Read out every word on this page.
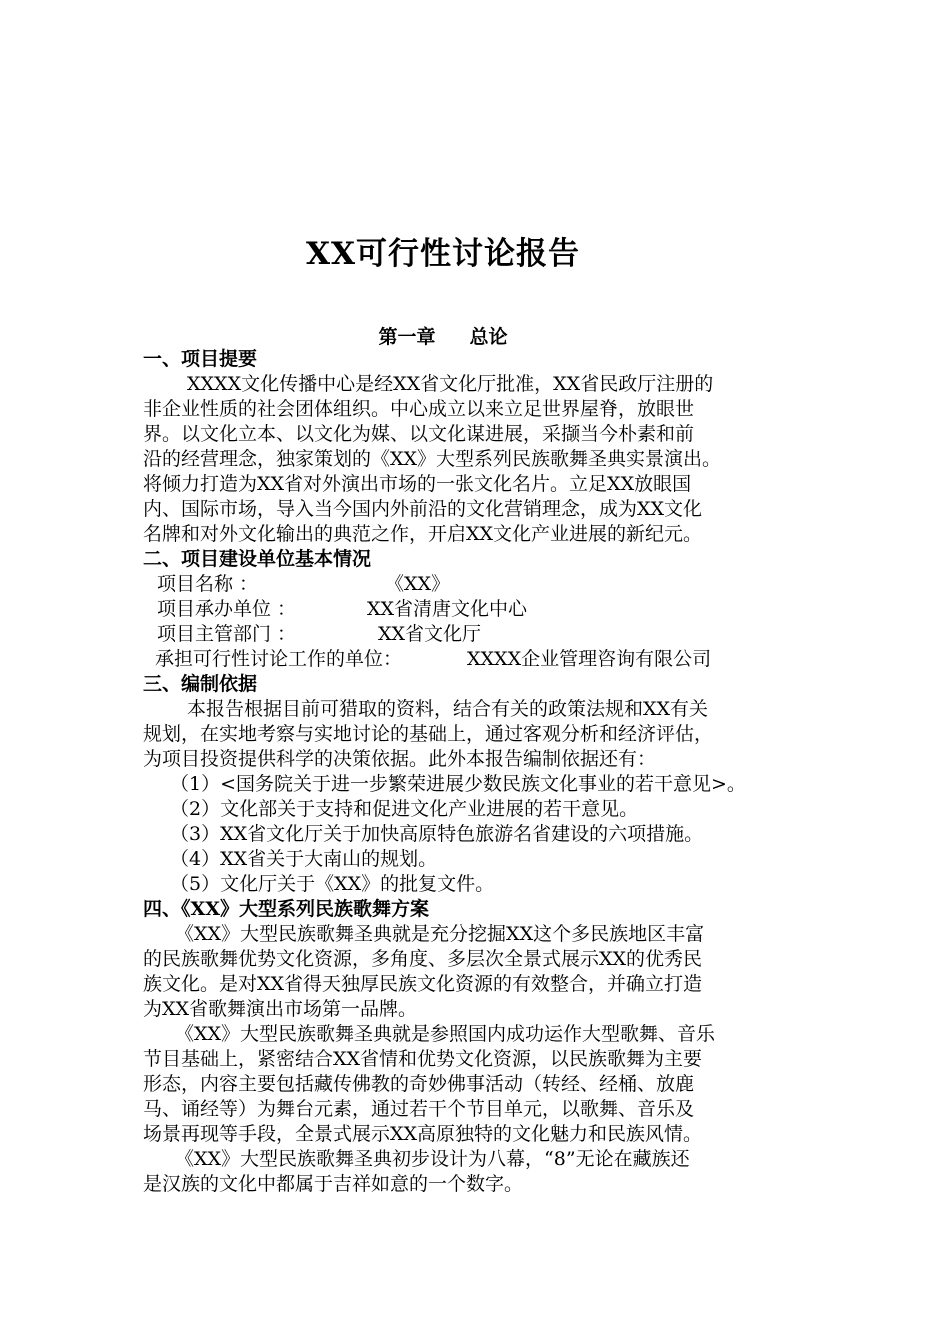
XX可行性讨论报告
第一章 总论
一、项目提要
XXXX文化传播中心是经XX省文化厅批准，XX省民政厅注册的
非企业性质的社会团体组织。中心成立以来立足世界屋脊，放眼世
界。以文化立本、以文化为媒、以文化谋进展，采撷当今朴素和前
沿的经营理念，独家策划的《XX》大型系列民族歌舞圣典实景演出。
将倾力打造为XX省对外演出市场的一张文化名片。立足XX放眼国
内、国际市场，导入当今国内外前沿的文化营销理念，成为XX文化
名牌和对外文化输出的典范之作，开启XX文化产业进展的新纪元。
二、项目建设单位基本情况
项目名称 ：	《XX》
项目承办单位 ：	XX省清唐文化中心
项目主管部门 ：	XX省文化厅
承担可行性讨论工作的单位：	XXXX企业管理咨询有限公司
三、编制依据
本报告根据目前可猎取的资料，结合有关的政策法规和XX有关
规划，在实地考察与实地讨论的基础上，通过客观分析和经济评估，
为项目投资提供科学的决策依据。此外本报告编制依据还有：
（1）<国务院关于进一步繁荣进展少数民族文化事业的若干意见>。
（2）文化部关于支持和促进文化产业进展的若干意见。
（3）XX省文化厅关于加快高原特色旅游名省建设的六项措施。
（4）XX省关于大南山的规划。
（5）文化厅关于《XX》的批复文件。
四、《XX》大型系列民族歌舞方案
《XX》大型民族歌舞圣典就是充分挖掘XX这个多民族地区丰富
的民族歌舞优势文化资源，多角度、多层次全景式展示XX的优秀民
族文化。是对XX省得天独厚民族文化资源的有效整合，并确立打造
为XX省歌舞演出市场第一品牌。
《XX》大型民族歌舞圣典就是参照国内成功运作大型歌舞、音乐
节目基础上，紧密结合XX省情和优势文化资源，以民族歌舞为主要
形态，内容主要包括藏传佛教的奇妙佛事活动（转经、经桶、放鹿
马、诵经等）为舞台元素，通过若干个节目单元，以歌舞、音乐及
场景再现等手段，全景式展示XX高原独特的文化魅力和民族风情。
《XX》大型民族歌舞圣典初步设计为八幕，“8”无论在藏族还
是汉族的文化中都属于吉祥如意的一个数字。
